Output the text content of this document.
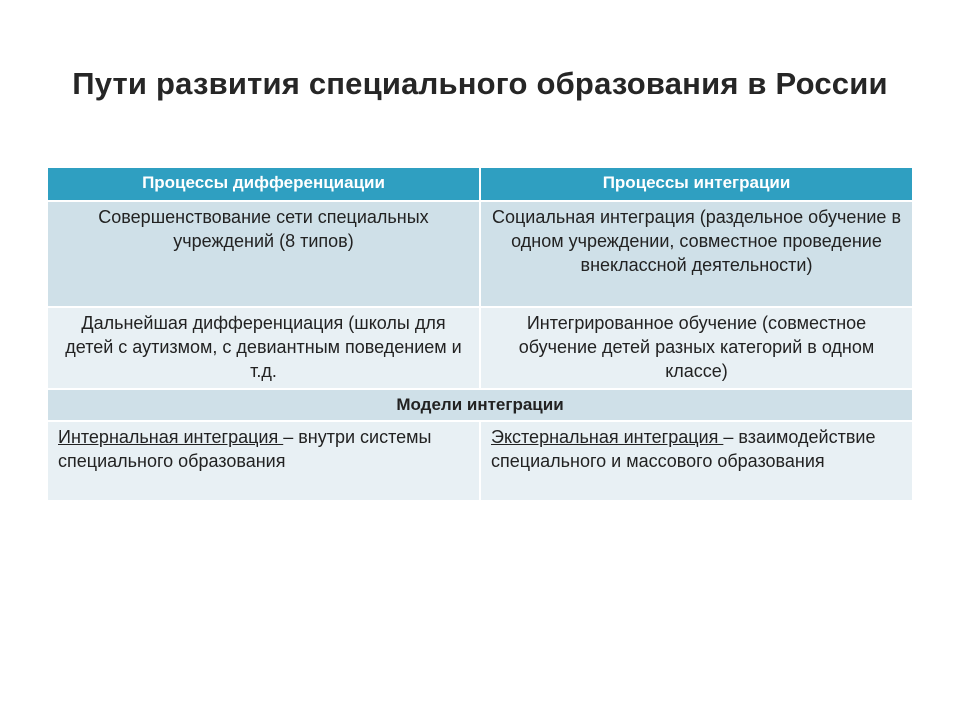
Пути развития специального образования в России
Процессы дифференциации	Процессы интеграции
Совершенствование сети специальных учреждений (8 типов)	Социальная интеграция (раздельное обучение в одном учреждении, совместное проведение внеклассной деятельности)
Дальнейшая дифференциация (школы для детей с аутизмом, с девиантным поведением и т.д.	Интегрированное обучение (совместное обучение детей разных категорий в одном классе)
Модели интеграции	
Интернальная интеграция – внутри системы специального образования	Экстернальная интеграция – взаимодействие специального и массового образования
